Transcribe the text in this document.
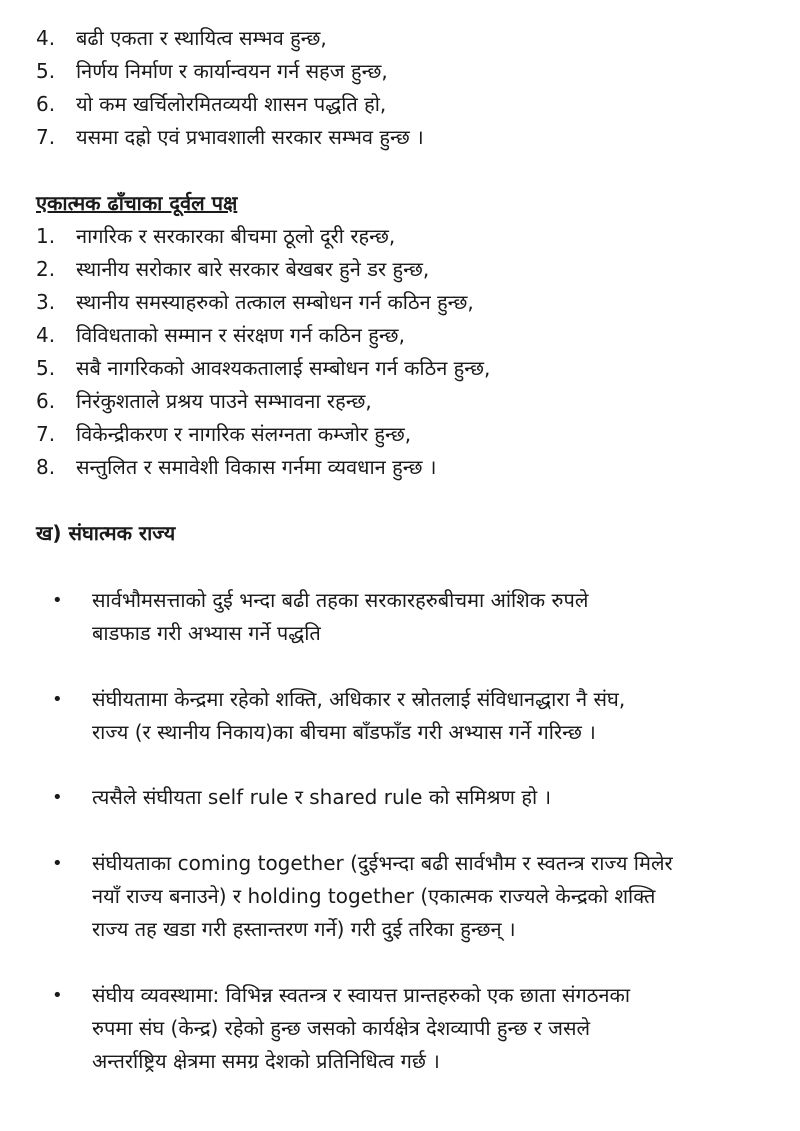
4. बढी एकता र स्थायित्व सम्भव हुन्छ,
5. निर्णय निर्माण र कार्यान्वयन गर्न सहज हुन्छ,
6. यो कम खर्चिलोरमितव्ययी शासन पद्धति हो,
7. यसमा दह्रो एवं प्रभावशाली सरकार सम्भव हुन्छ ।
एकात्मक ढाँचाका दूर्वल पक्ष
1. नागरिक र सरकारका बीचमा ठूलो दूरी रहन्छ,
2. स्थानीय सरोकार बारे सरकार बेखबर हुने डर हुन्छ,
3. स्थानीय समस्याहरुको तत्काल सम्बोधन गर्न कठिन हुन्छ,
4. विविधताको सम्मान र संरक्षण गर्न कठिन हुन्छ,
5. सबै नागरिकको आवश्यकतालाई सम्बोधन गर्न कठिन हुन्छ,
6. निरंकुशताले प्रश्रय पाउने सम्भावना रहन्छ,
7. विकेन्द्रीकरण र नागरिक संलग्नता कम्जोर हुन्छ,
8. सन्तुलित र समावेशी विकास गर्नमा व्यवधान हुन्छ ।
ख) संघात्मक राज्य
• सार्वभौमसत्ताको दुई भन्दा बढी तहका सरकारहरुबीचमा आंशिक रुपले
बाडफाड गरी अभ्यास गर्ने पद्धति
• संघीयतामा केन्द्रमा रहेको शक्ति, अधिकार र स्रोतलाई संविधानद्धारा नै संघ,
राज्य (र स्थानीय निकाय)का बीचमा बाँडफाँड गरी अभ्यास गर्ने गरिन्छ ।
• त्यसैले संघीयता self rule र shared rule को समिश्रण हो ।
• संघीयताका coming together (दुईभन्दा बढी सार्वभौम र स्वतन्त्र राज्य मिलेर
नयाँ राज्य बनाउने) र holding together (एकात्मक राज्यले केन्द्रको शक्ति
राज्य तह खडा गरी हस्तान्तरण गर्ने) गरी दुई तरिका हुन्छन् ।
• संघीय व्यवस्थामा: विभिन्न स्वतन्त्र र स्वायत्त प्रान्तहरुको एक छाता संगठनका
रुपमा संघ (केन्द्र) रहेको हुन्छ जसको कार्यक्षेत्र देशव्यापी हुन्छ र जसले
अन्तर्राष्ट्रिय क्षेत्रमा समग्र देशको प्रतिनिधित्व गर्छ ।
